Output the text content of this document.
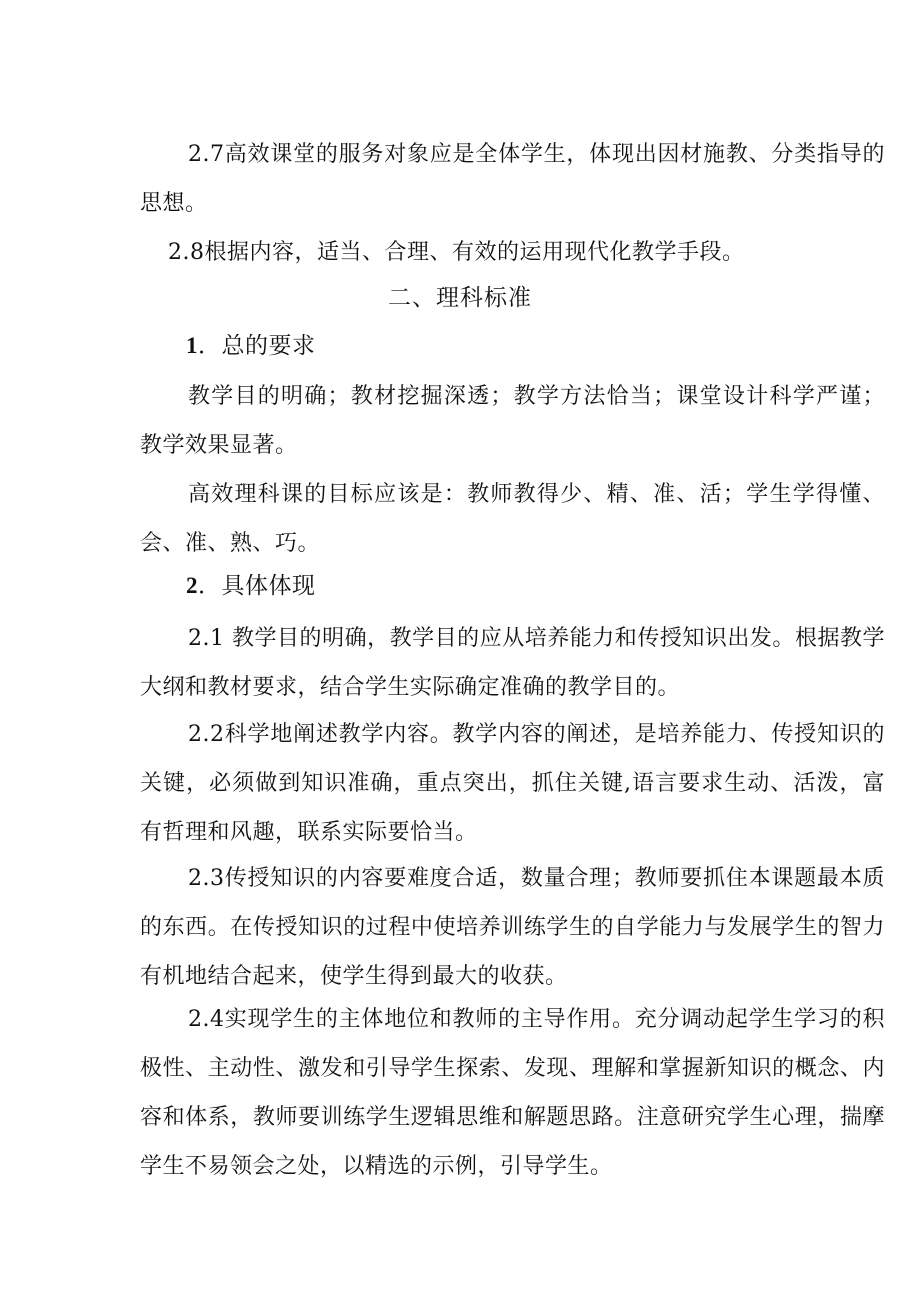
2.7高效课堂的服务对象应是全体学生，体现出因材施教、分类指导的思想。

2.8根据内容，适当、合理、有效的运用现代化教学手段。

二、理科标准
1．总的要求

教学目的明确；教材挖掘深透；教学方法恰当；课堂设计科学严谨；教学效果显著。

高效理科课的目标应该是：教师教得少、精、准、活；学生学得懂、会、准、熟、巧。

2．具体体现

2.1 教学目的明确，教学目的应从培养能力和传授知识出发。根据教学大纲和教材要求，结合学生实际确定准确的教学目的。

2.2科学地阐述教学内容。教学内容的阐述，是培养能力、传授知识的关键，必须做到知识准确，重点突出，抓住关键,语言要求生动、活泼，富有哲理和风趣，联系实际要恰当。

2.3传授知识的内容要难度合适，数量合理；教师要抓住本课题最本质的东西。在传授知识的过程中使培养训练学生的自学能力与发展学生的智力有机地结合起来，使学生得到最大的收获。

2.4实现学生的主体地位和教师的主导作用。充分调动起学生学习的积极性、主动性、激发和引导学生探索、发现、理解和掌握新知识的概念、内容和体系，教师要训练学生逻辑思维和解题思路。注意研究学生心理，揣摩学生不易领会之处，以精选的示例，引导学生。
